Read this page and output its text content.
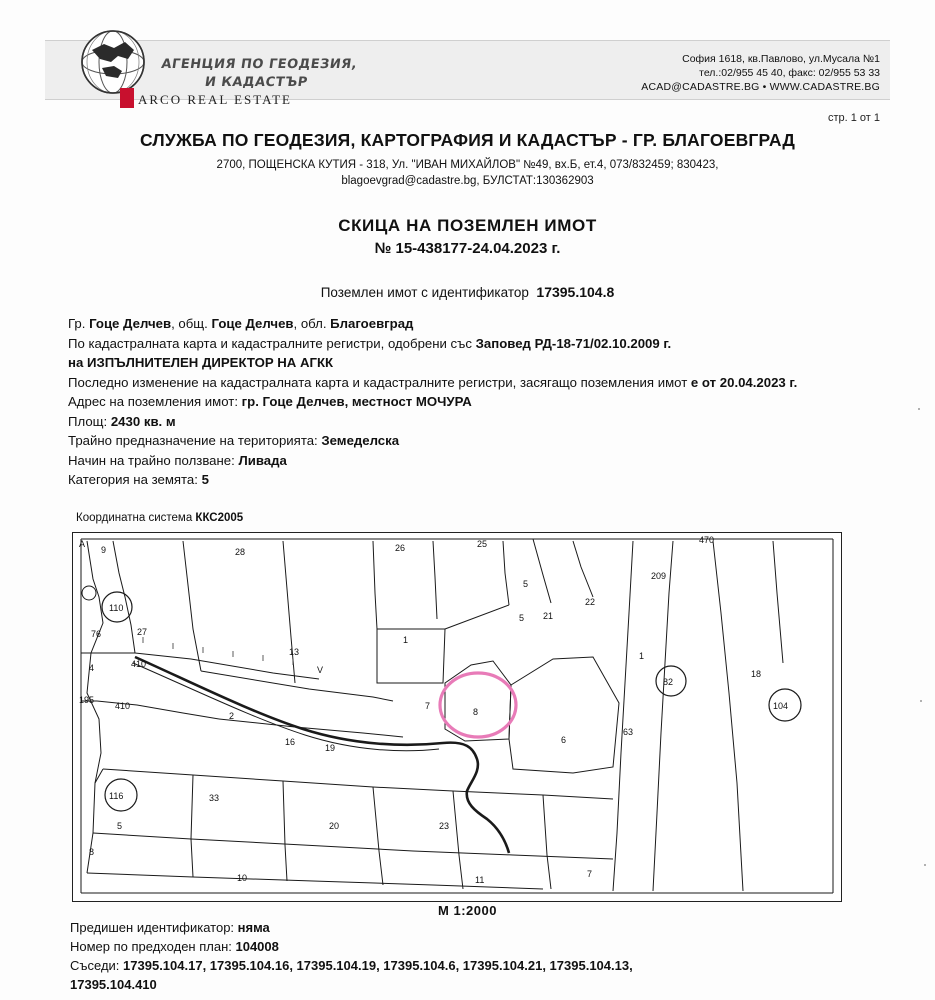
АГЕНЦИЯ ПО ГЕОДЕЗИЯ,
И КАДАСТЪР
ARCO REAL ESTATE
София 1618, кв.Павлово, ул.Мусала №1
тел.:02/955 45 40, факс: 02/955 53 33
ACAD@CADASTRE.BG • WWW.CADASTRE.BG
стр. 1 от 1
СЛУЖБА ПО ГЕОДЕЗИЯ, КАРТОГРАФИЯ И КАДАСТЪР - ГР. БЛАГОЕВГРАД
2700, ПОЩЕНСКА КУТИЯ - 318, Ул. "ИВАН МИХАЙЛОВ" №49, вх.Б, ет.4, 073/832459; 830423,
blagoevgrad@cadastre.bg, БУЛСТАТ:130362903
СКИЦА НА ПОЗЕМЛЕН ИМОТ
№ 15-438177-24.04.2023 г.
Поземлен имот с идентификатор 17395.104.8
Гр. Гоце Делчев, общ. Гоце Делчев, обл. Благоевград
По кадастралната карта и кадастралните регистри, одобрени със Заповед РД-18-71/02.10.2009 г.
на ИЗПЪЛНИТЕЛЕН ДИРЕКТОР НА АГКК
Последно изменение на кадастралната карта и кадастралните регистри, засягащо поземления имот е от 20.04.2023 г.
Адрес на поземления имот: гр. Гоце Делчев, местност МОЧУРА
Площ: 2430 кв. м
Трайно предназначение на територията: Земеделска
Начин на трайно ползване: Ливада
Категория на земята: 5
Координатна система ККС2005
9	28	26	25	470
209
5
5 21
22
110
76	27
4	410
13
V
1
1
82
18
104
195
410
2
7
8
6
63
16
19
116	33
20	23
5
8
10	11
7
A
М 1:2000
Предишен идентификатор: няма
Номер по предходен план: 104008
Съседи: 17395.104.17, 17395.104.16, 17395.104.19, 17395.104.6, 17395.104.21, 17395.104.13,
17395.104.410
